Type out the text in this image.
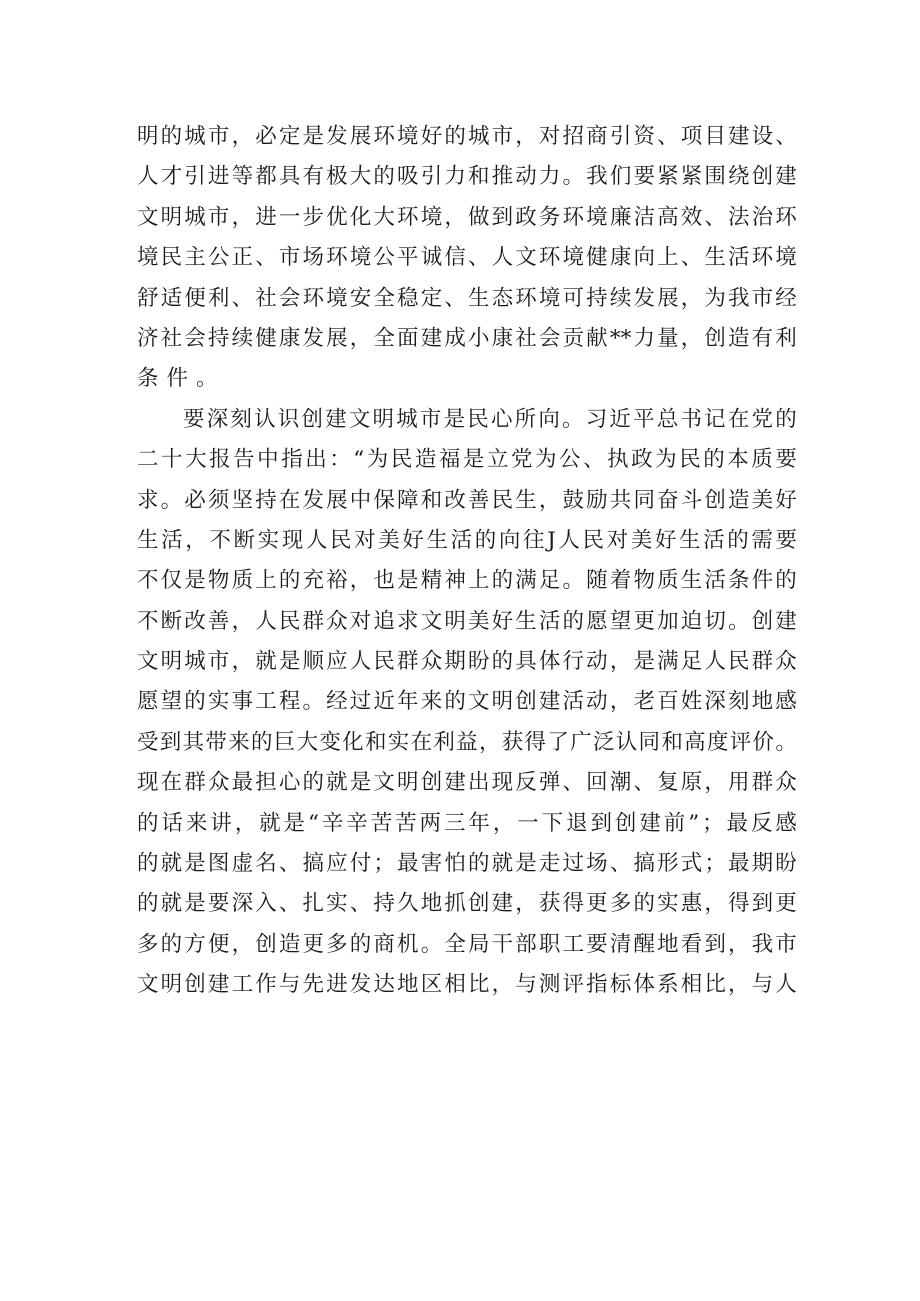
明 的 城 市 ， 必 定 是 发 展 环 境 好 的 城 市 ， 对 招 商 引 资 、 项 目 建 设 、
人 才 引 进 等 都 具 有 极 大 的 吸 引 力 和 推 动 力 。 我 们 要 紧 紧 围 绕 创 建
文 明 城 市 ， 进 一 步 优 化 大 环 境 ， 做 到 政 务 环 境 廉 洁 高 效 、 法 治 环
境 民 主 公 正 、 市 场 环 境 公 平 诚 信 、 人 文 环 境 健 康 向 上 、 生 活 环 境
舒 适 便 利 、 社 会 环 境 安 全 稳 定 、 生 态 环 境 可 持 续 发 展 ， 为 我 市 经
济 社 会 持 续 健 康 发 展 ， 全 面 建 成 小 康 社 会 贡 献 ** 力 量 ， 创 造 有 利
条 件 。
要 深 刻 认 识 创 建 文 明 城 市 是 民 心 所 向 。 习 近 平 总 书 记 在 党 的
二 十 大 报 告 中 指 出 ： “ 为 民 造 福 是 立 党 为 公 、 执 政 为 民 的 本 质 要
求 。 必 须 坚 持 在 发 展 中 保 障 和 改 善 民 生 ， 鼓 励 共 同 奋 斗 创 造 美 好
生 活 ， 不 断 实 现 人 民 对 美 好 生 活 的 向 往 J 人 民 对 美 好 生 活 的 需 要
不 仅 是 物 质 上 的 充 裕 ， 也 是 精 神 上 的 满 足 。 随 着 物 质 生 活 条 件 的
不 断 改 善 ， 人 民 群 众 对 追 求 文 明 美 好 生 活 的 愿 望 更 加 迫 切 。 创 建
文 明 城 市 ， 就 是 顺 应 人 民 群 众 期 盼 的 具 体 行 动 ， 是 满 足 人 民 群 众
愿 望 的 实 事 工 程 。 经 过 近 年 来 的 文 明 创 建 活 动 ， 老 百 姓 深 刻 地 感
受 到 其 带 来 的 巨 大 变 化 和 实 在 利 益 ， 获 得 了 广 泛 认 同 和 高 度 评 价 。
现 在 群 众 最 担 心 的 就 是 文 明 创 建 出 现 反 弹 、 回 潮 、 复 原 ， 用 群 众
的 话 来 讲 ， 就 是 “ 辛 辛 苦 苦 两 三 年 ， 一 下 退 到 创 建 前 ” ； 最 反 感
的 就 是 图 虚 名 、 搞 应 付 ； 最 害 怕 的 就 是 走 过 场 、 搞 形 式 ； 最 期 盼
的 就 是 要 深 入 、 扎 实 、 持 久 地 抓 创 建 ， 获 得 更 多 的 实 惠 ， 得 到 更
多 的 方 便 ， 创 造 更 多 的 商 机 。 全 局 干 部 职 工 要 清 醒 地 看 到 ， 我 市
文 明 创 建 工 作 与 先 进 发 达 地 区 相 比 ， 与 测 评 指 标 体 系 相 比 ， 与 人
